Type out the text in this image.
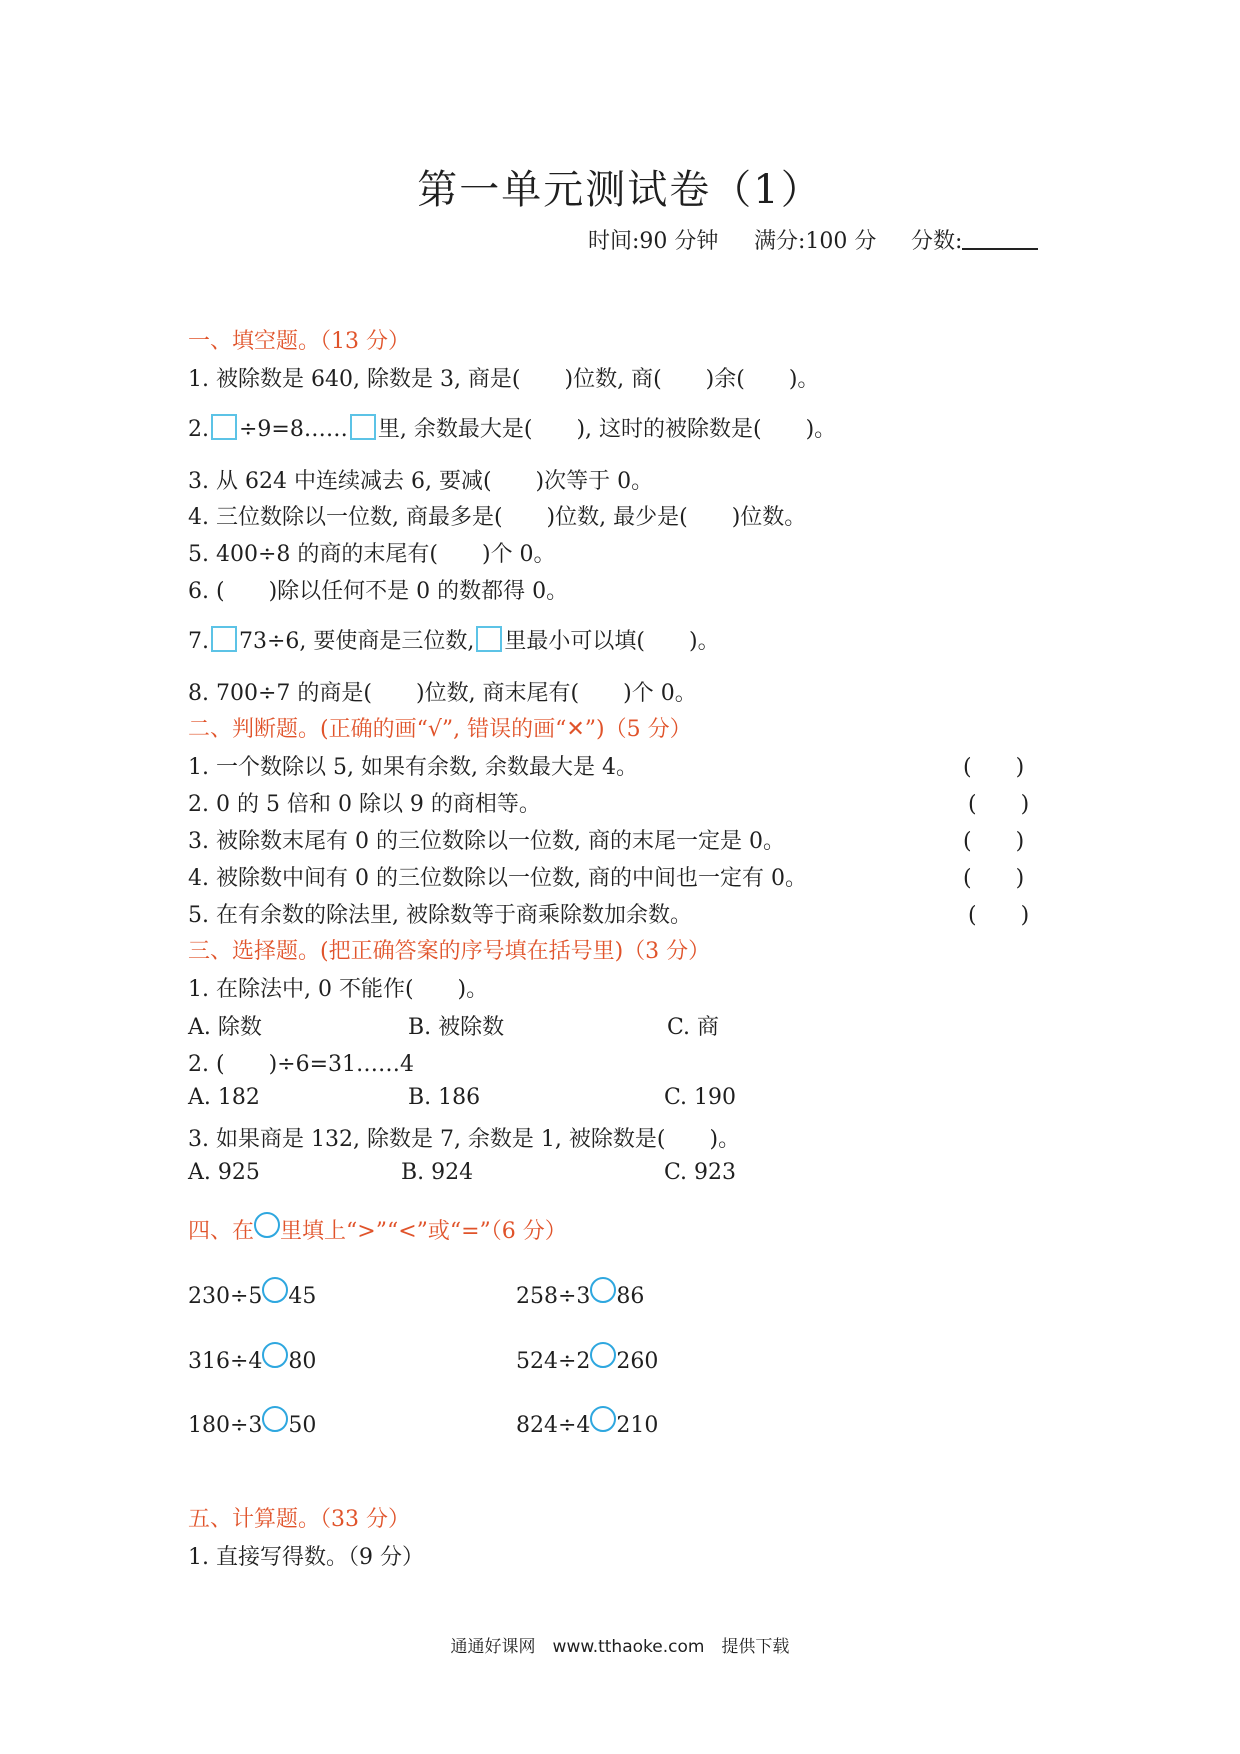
第一单元测试卷（1）
时间:90 分钟 满分:100 分 分数:
一、填空题。（13 分）
1. 被除数是 640, 除数是 3, 商是(　　)位数, 商(　　)余(　　)。
2. ÷9=8…… 里, 余数最大是(　　), 这时的被除数是(　　)。
3. 从 624 中连续减去 6, 要减(　　)次等于 0。
4. 三位数除以一位数, 商最多是(　　)位数, 最少是(　　)位数。
5. 400÷8 的商的末尾有(　　)个 0。
6. (　　)除以任何不是 0 的数都得 0。
7. 73÷6, 要使商是三位数, 里最小可以填(　　)。
8. 700÷7 的商是(　　)位数, 商末尾有(　　)个 0。
二、判断题。(正确的画“√”, 错误的画“✕”)（5 分）
1. 一个数除以 5, 如果有余数, 余数最大是 4。	(　　)
2. 0 的 5 倍和 0 除以 9 的商相等。	(　　)
3. 被除数末尾有 0 的三位数除以一位数, 商的末尾一定是 0。	(　　)
4. 被除数中间有 0 的三位数除以一位数, 商的中间也一定有 0。	(　　)
5. 在有余数的除法里, 被除数等于商乘除数加余数。	(　　)
三、选择题。(把正确答案的序号填在括号里)（3 分）
1. 在除法中, 0 不能作(　　)。
A. 除数	B. 被除数	C. 商
2. (　　)÷6=31……4
A. 182	B. 186	C. 190
3. 如果商是 132, 除数是 7, 余数是 1, 被除数是(　　)。
A. 925	B. 924	C. 923
四、在 里填上“>”“<”或“=”（6 分）
230÷5 45	258÷3 86
316÷4 80	524÷2 260
180÷3 50	824÷4 210
五、计算题。（33 分）
1. 直接写得数。（9 分）
通通好课网　www.tthaoke.com　提供下载
